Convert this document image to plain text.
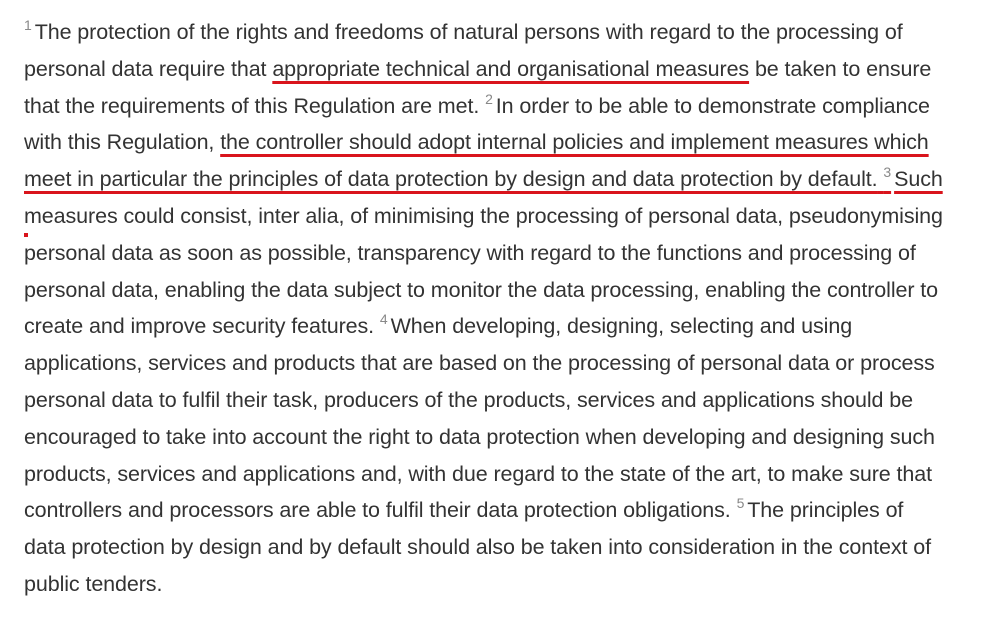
$^1$ The protection of the rights and freedoms of natural persons with regard to the processing of
personal data require that appropriate technical and organisational measures be taken to ensure
that the requirements of this Regulation are met. $^2$ In order to be able to demonstrate compliance
with this Regulation, the controller should adopt internal policies and implement measures which
meet in particular the principles of data protection by design and data protection by default. $^3$ Such
measures could consist, inter alia, of minimising the processing of personal data, pseudonymising
personal data as soon as possible, transparency with regard to the functions and processing of
personal data, enabling the data subject to monitor the data processing, enabling the controller to
create and improve security features. $^4$ When developing, designing, selecting and using
applications, services and products that are based on the processing of personal data or process
personal data to fulfil their task, producers of the products, services and applications should be
encouraged to take into account the right to data protection when developing and designing such
products, services and applications and, with due regard to the state of the art, to make sure that
controllers and processors are able to fulfil their data protection obligations. $^5$ The principles of
data protection by design and by default should also be taken into consideration in the context of
public tenders.
